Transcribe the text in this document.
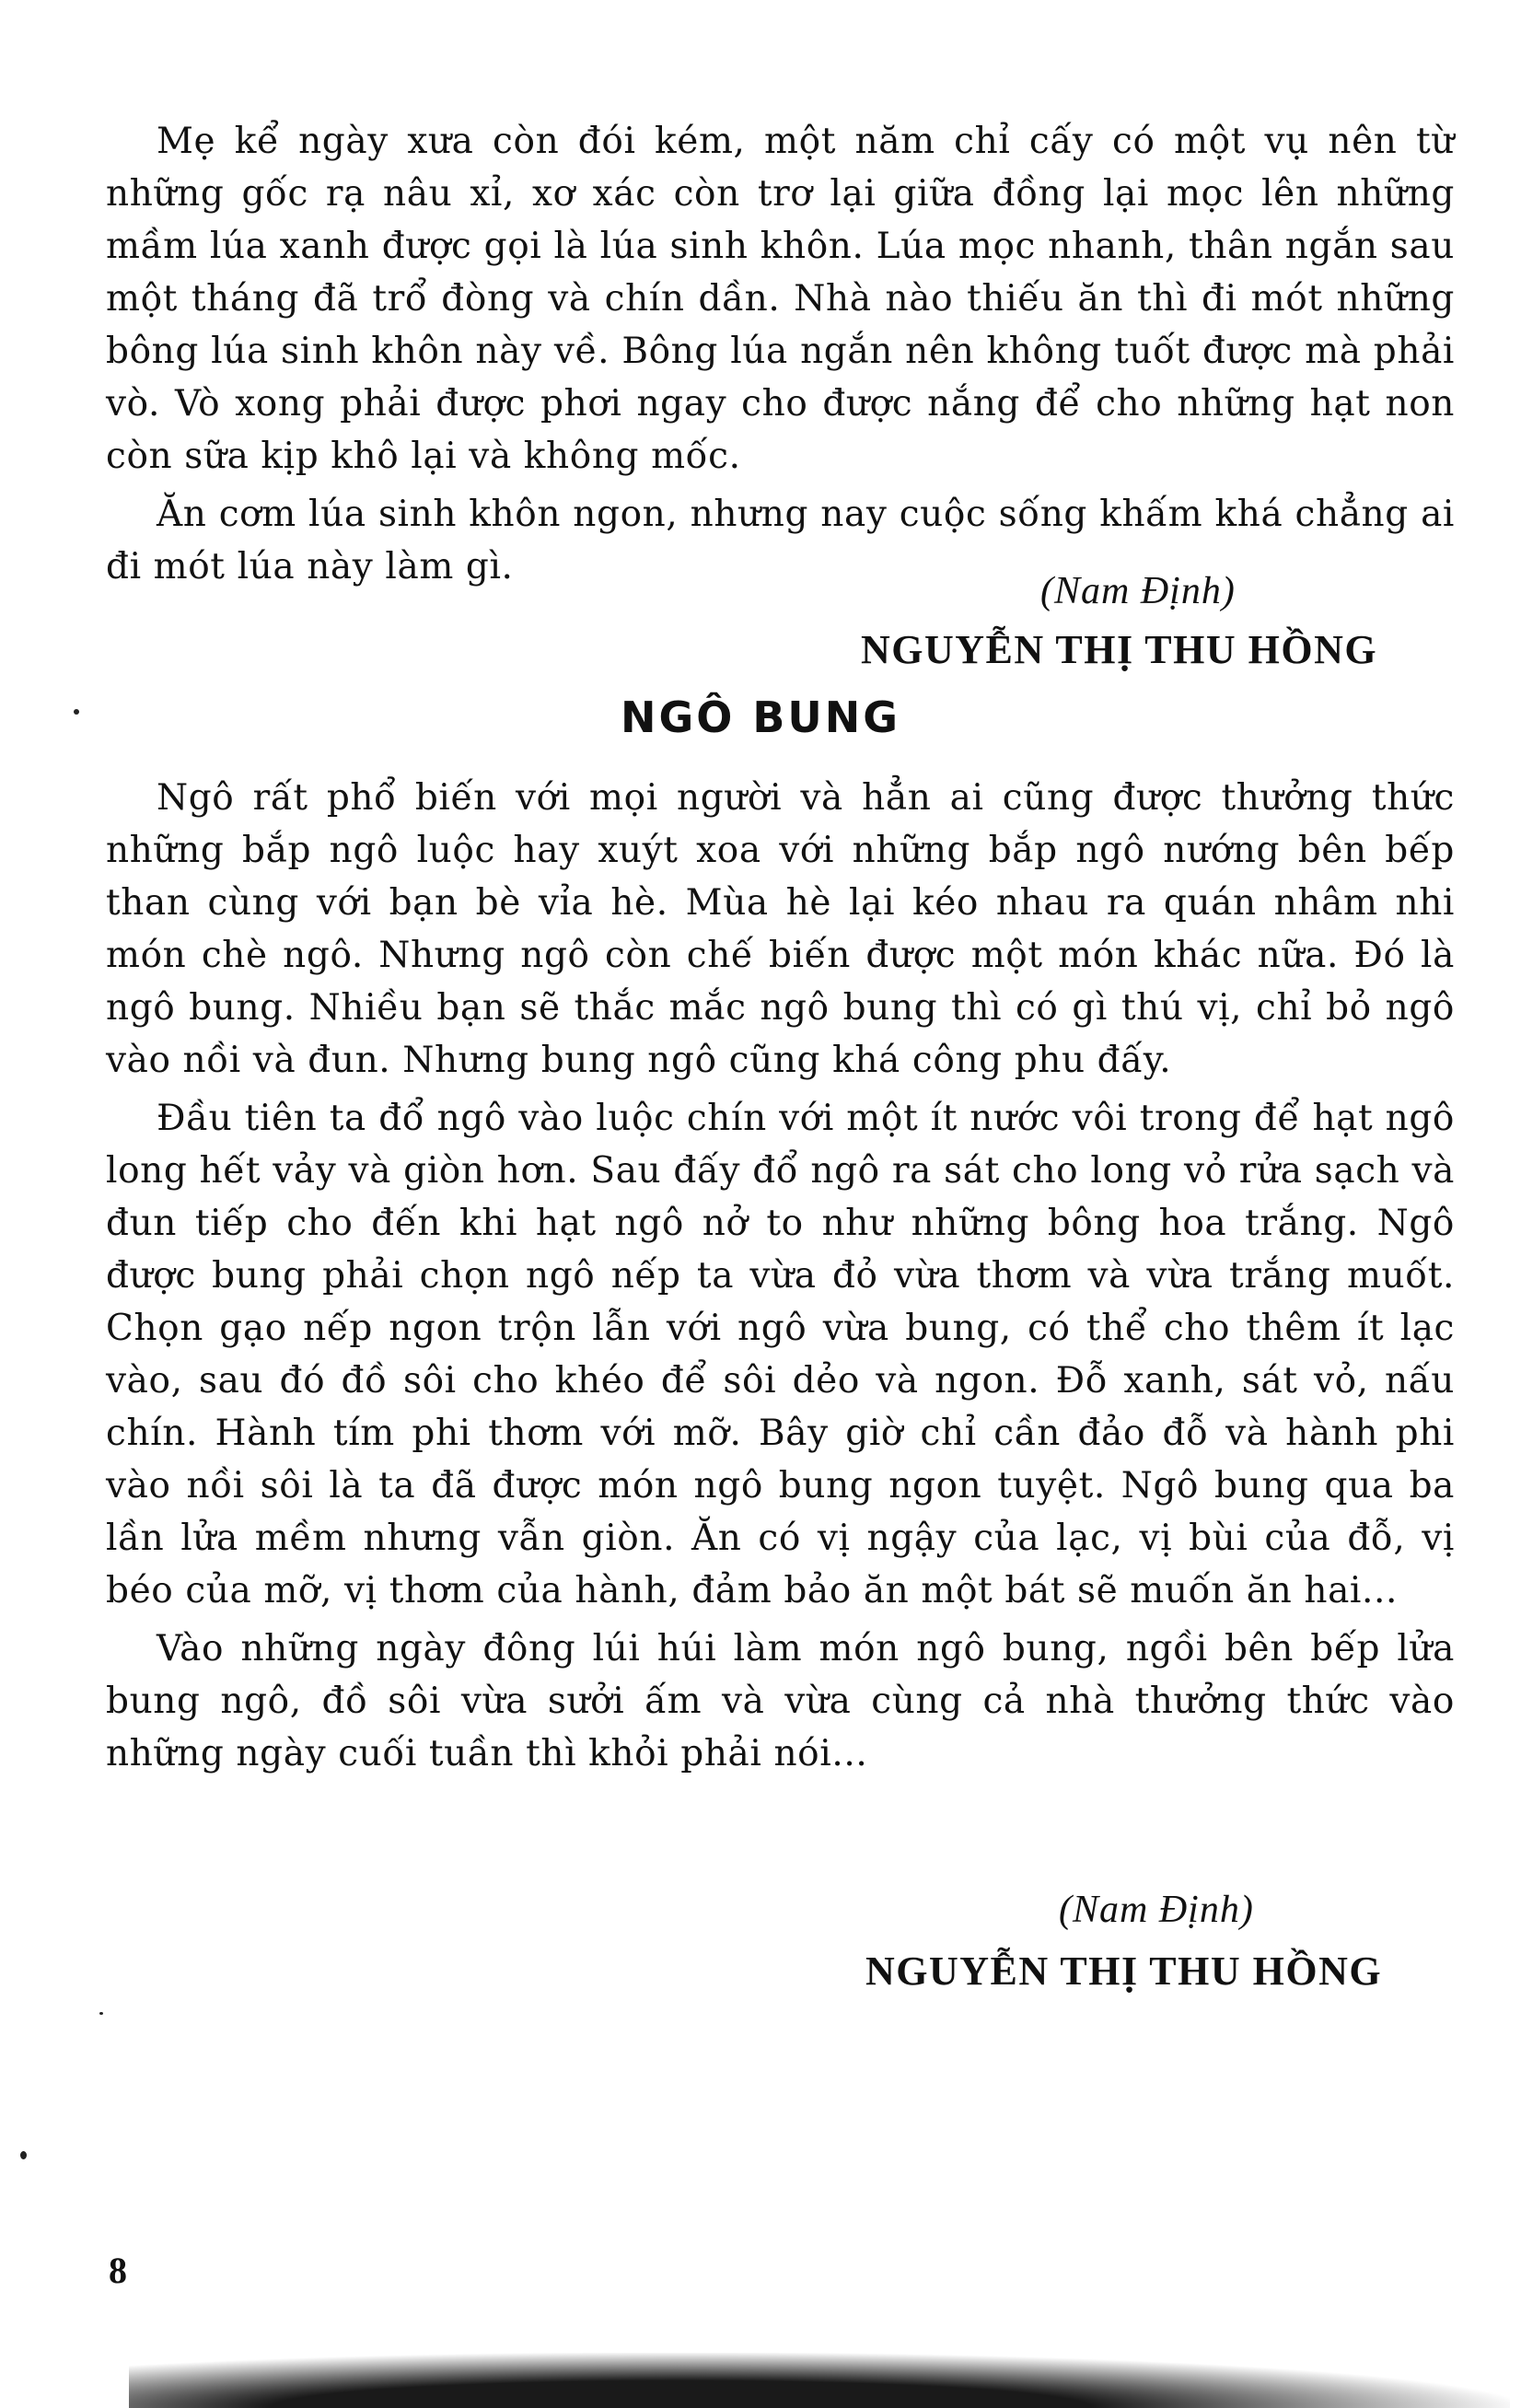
Mẹ kể ngày xưa còn đói kém, một năm chỉ cấy có một vụ nên từ những gốc rạ nâu xỉ, xơ xác còn trơ lại giữa đồng lại mọc lên những mầm lúa xanh được gọi là lúa sinh khôn. Lúa mọc nhanh, thân ngắn sau một tháng đã trổ đòng và chín dần. Nhà nào thiếu ăn thì đi mót những bông lúa sinh khôn này về. Bông lúa ngắn nên không tuốt được mà phải vò. Vò xong phải được phơi ngay cho được nắng để cho những hạt non còn sữa kịp khô lại và không mốc.

Ăn cơm lúa sinh khôn ngon, nhưng nay cuộc sống khấm khá chẳng ai đi mót lúa này làm gì.

(Nam Định)
NGUYỄN THỊ THU HỒNG
NGÔ BUNG

Ngô rất phổ biến với mọi người và hẳn ai cũng được thưởng thức những bắp ngô luộc hay xuýt xoa với những bắp ngô nướng bên bếp than cùng với bạn bè vỉa hè. Mùa hè lại kéo nhau ra quán nhâm nhi món chè ngô. Nhưng ngô còn chế biến được một món khác nữa. Đó là ngô bung. Nhiều bạn sẽ thắc mắc ngô bung thì có gì thú vị, chỉ bỏ ngô vào nồi và đun. Nhưng bung ngô cũng khá công phu đấy.

Đầu tiên ta đổ ngô vào luộc chín với một ít nước vôi trong để hạt ngô long hết vảy và giòn hơn. Sau đấy đổ ngô ra sát cho long vỏ rửa sạch và đun tiếp cho đến khi hạt ngô nở to như những bông hoa trắng. Ngô được bung phải chọn ngô nếp ta vừa đỏ vừa thơm và vừa trắng muốt. Chọn gạo nếp ngon trộn lẫn với ngô vừa bung, có thể cho thêm ít lạc vào, sau đó đồ sôi cho khéo để sôi dẻo và ngon. Đỗ xanh, sát vỏ, nấu chín. Hành tím phi thơm với mỡ. Bây giờ chỉ cần đảo đỗ và hành phi vào nồi sôi là ta đã được món ngô bung ngon tuyệt. Ngô bung qua ba lần lửa mềm nhưng vẫn giòn. Ăn có vị ngậy của lạc, vị bùi của đỗ, vị béo của mỡ, vị thơm của hành, đảm bảo ăn một bát sẽ muốn ăn hai...

Vào những ngày đông lúi húi làm món ngô bung, ngồi bên bếp lửa bung ngô, đồ sôi vừa sưởi ấm và vừa cùng cả nhà thưởng thức vào những ngày cuối tuần thì khỏi phải nói...

(Nam Định)
NGUYỄN THỊ THU HỒNG
8
